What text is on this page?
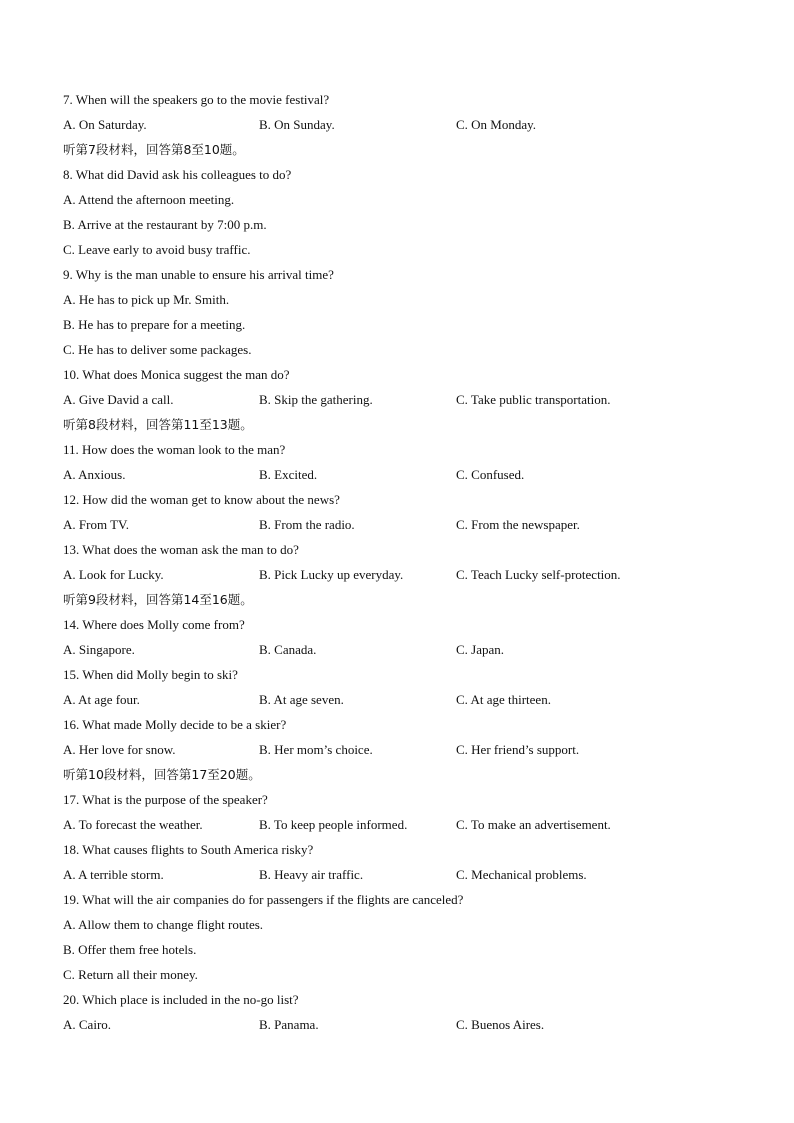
7. When will the speakers go to the movie festival?
A. On Saturday.	B. On Sunday.	C. On Monday.
听第7段材料，回答第8至10题。
8. What did David ask his colleagues to do?
A. Attend the afternoon meeting.
B. Arrive at the restaurant by 7:00 p.m.
C. Leave early to avoid busy traffic.
9. Why is the man unable to ensure his arrival time?
A. He has to pick up Mr. Smith.
B. He has to prepare for a meeting.
C. He has to deliver some packages.
10. What does Monica suggest the man do?
A. Give David a call.	B. Skip the gathering.	C. Take public transportation.
听第8段材料，回答第11至13题。
11. How does the woman look to the man?
A. Anxious.	B. Excited.	C. Confused.
12. How did the woman get to know about the news?
A. From TV.	B. From the radio.	C. From the newspaper.
13. What does the woman ask the man to do?
A. Look for Lucky.	B. Pick Lucky up everyday.	C. Teach Lucky self-protection.
听第9段材料，回答第14至16题。
14. Where does Molly come from?
A. Singapore.	B. Canada.	C. Japan.
15. When did Molly begin to ski?
A. At age four.	B. At age seven.	C. At age thirteen.
16. What made Molly decide to be a skier?
A. Her love for snow.	B. Her mom’s choice.	C. Her friend’s support.
听第10段材料，回答第17至20题。
17. What is the purpose of the speaker?
A. To forecast the weather.	B. To keep people informed.	C. To make an advertisement.
18. What causes flights to South America risky?
A. A terrible storm.	B. Heavy air traffic.	C. Mechanical problems.
19. What will the air companies do for passengers if the flights are canceled?
A. Allow them to change flight routes.
B. Offer them free hotels.
C. Return all their money.
20. Which place is included in the no-go list?
A. Cairo.	B. Panama.	C. Buenos Aires.
